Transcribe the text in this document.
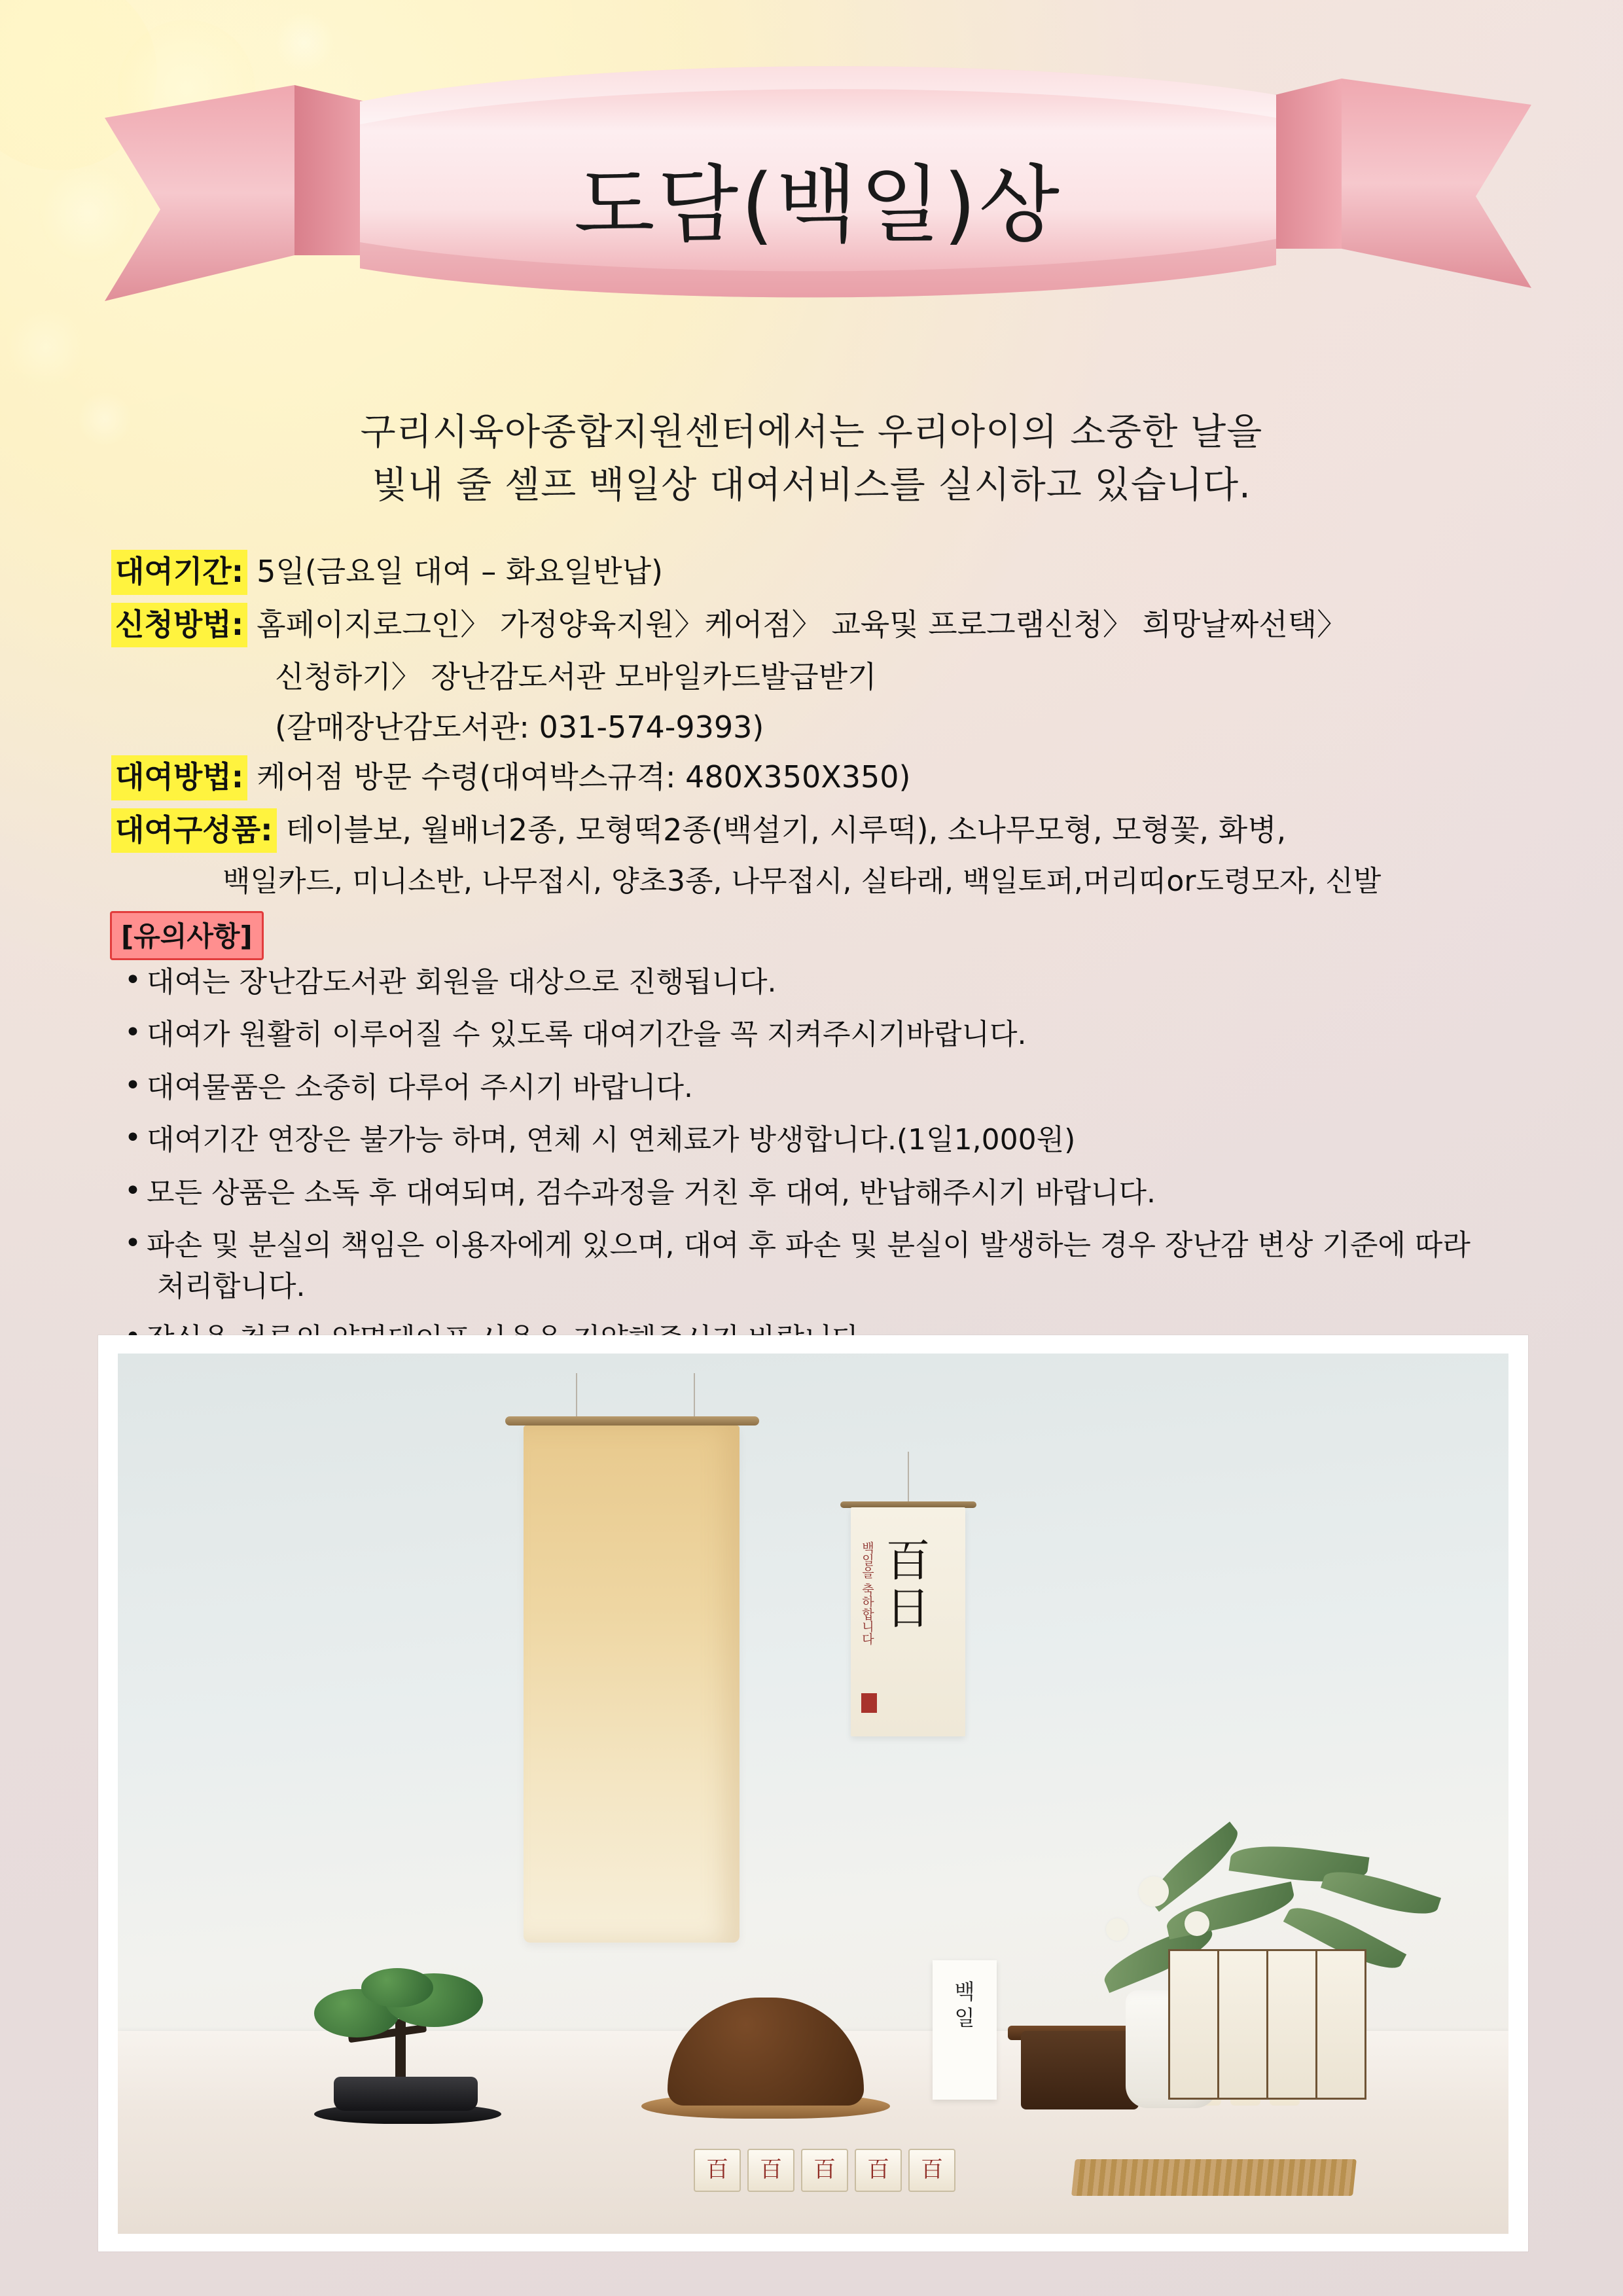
도담(백일)상
구리시육아종합지원센터에서는 우리아이의 소중한 날을
빛내 줄 셀프 백일상 대여서비스를 실시하고 있습니다.
대여기간: 5일(금요일 대여 – 화요일반납)
신청방법: 홈페이지로그인〉 가정양육지원〉케어점〉 교육및 프로그램신청〉 희망날짜선택〉
신청하기〉 장난감도서관 모바일카드발급받기
(갈매장난감도서관: 031-574-9393)
대여방법: 케어점 방문 수령(대여박스규격: 480X350X350)
대여구성품: 테이블보, 월배너2종, 모형떡2종(백설기, 시루떡), 소나무모형, 모형꽃, 화병,
백일카드, 미니소반, 나무접시, 양초3종, 나무접시, 실타래, 백일토퍼,머리띠or도령모자, 신발
[유의사항]
• 대여는 장난감도서관 회원을 대상으로 진행됩니다.
• 대여가 원활히 이루어질 수 있도록 대여기간을 꼭 지켜주시기바랍니다.
• 대여물품은 소중히 다루어 주시기 바랍니다.
• 대여기간 연장은 불가능 하며, 연체 시 연체료가 방생합니다.(1일1,000원)
• 모든 상품은 소독 후 대여되며, 검수과정을 거친 후 대여, 반납해주시기 바랍니다.
• 파손 및 분실의 책임은 이용자에게 있으며, 대여 후 파손 및 분실이 발생하는 경우 장난감 변상 기준에 따라
처리합니다.
백일을 축하합니다 百
日
백
일
百	百	百	百	百
